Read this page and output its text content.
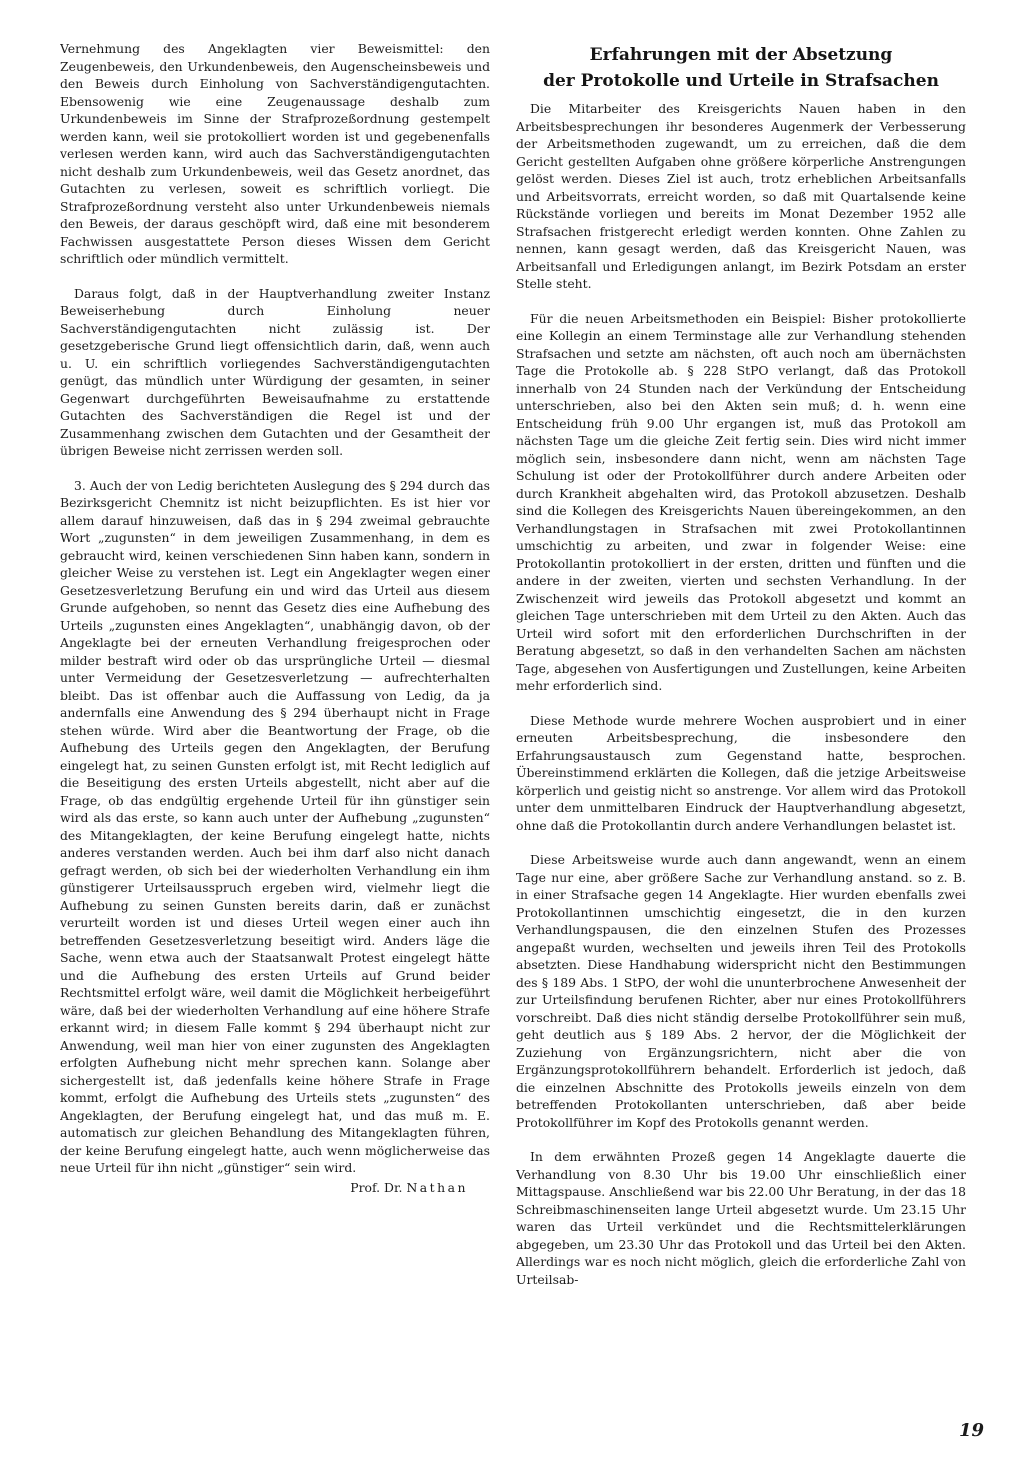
Vernehmung des Angeklagten vier Beweismittel: den Zeugenbeweis, den Urkundenbeweis, den Augenscheinsbeweis und den Beweis durch Einholung von Sachverständigengutachten. Ebensowenig wie eine Zeugenaussage deshalb zum Urkundenbeweis im Sinne der Strafprozeßordnung gestempelt werden kann, weil sie protokolliert worden ist und gegebenenfalls verlesen werden kann, wird auch das Sachverständigengutachten nicht deshalb zum Urkundenbeweis, weil das Gesetz anordnet, das Gutachten zu verlesen, soweit es schriftlich vorliegt. Die Strafprozeßordnung versteht also unter Urkundenbeweis niemals den Beweis, der daraus geschöpft wird, daß eine mit besonderem Fachwissen ausgestattete Person dieses Wissen dem Gericht schriftlich oder mündlich vermittelt.

Daraus folgt, daß in der Hauptverhandlung zweiter Instanz Beweiserhebung durch Einholung neuer Sachverständigengutachten nicht zulässig ist. Der gesetzgeberische Grund liegt offensichtlich darin, daß, wenn auch u. U. ein schriftlich vorliegendes Sachverständigengutachten genügt, das mündlich unter Würdigung der gesamten, in seiner Gegenwart durchgeführten Beweisaufnahme zu erstattende Gutachten des Sachverständigen die Regel ist und der Zusammenhang zwischen dem Gutachten und der Gesamtheit der übrigen Beweise nicht zerrissen werden soll.

3. Auch der von Ledig berichteten Auslegung des § 294 durch das Bezirksgericht Chemnitz ist nicht beizupflichten. Es ist hier vor allem darauf hinzuweisen, daß das in § 294 zweimal gebrauchte Wort „zugunsten“ in dem jeweiligen Zusammenhang, in dem es gebraucht wird, keinen verschiedenen Sinn haben kann, sondern in gleicher Weise zu verstehen ist. Legt ein Angeklagter wegen einer Gesetzesverletzung Berufung ein und wird das Urteil aus diesem Grunde aufgehoben, so nennt das Gesetz dies eine Aufhebung des Urteils „zugunsten eines Angeklagten“, unabhängig davon, ob der Angeklagte bei der erneuten Verhandlung freigesprochen oder milder bestraft wird oder ob das ursprüngliche Urteil — diesmal unter Vermeidung der Gesetzesverletzung — aufrechterhalten bleibt. Das ist offenbar auch die Auffassung von Ledig, da ja andernfalls eine Anwendung des § 294 überhaupt nicht in Frage stehen würde. Wird aber die Beantwortung der Frage, ob die Aufhebung des Urteils gegen den Angeklagten, der Berufung eingelegt hat, zu seinen Gunsten erfolgt ist, mit Recht lediglich auf die Beseitigung des ersten Urteils abgestellt, nicht aber auf die Frage, ob das endgültig ergehende Urteil für ihn günstiger sein wird als das erste, so kann auch unter der Aufhebung „zugunsten“ des Mitangeklagten, der keine Berufung eingelegt hatte, nichts anderes verstanden werden. Auch bei ihm darf also nicht danach gefragt werden, ob sich bei der wiederholten Verhandlung ein ihm günstigerer Urteilsausspruch ergeben wird, vielmehr liegt die Aufhebung zu seinen Gunsten bereits darin, daß er zunächst verurteilt worden ist und dieses Urteil wegen einer auch ihn betreffenden Gesetzesverletzung beseitigt wird. Anders läge die Sache, wenn etwa auch der Staatsanwalt Protest eingelegt hätte und die Aufhebung des ersten Urteils auf Grund beider Rechtsmittel erfolgt wäre, weil damit die Möglichkeit herbeigeführt wäre, daß bei der wiederholten Verhandlung auf eine höhere Strafe erkannt wird; in diesem Falle kommt § 294 überhaupt nicht zur Anwendung, weil man hier von einer zugunsten des Angeklagten erfolgten Aufhebung nicht mehr sprechen kann. Solange aber sichergestellt ist, daß jedenfalls keine höhere Strafe in Frage kommt, erfolgt die Aufhebung des Urteils stets „zugunsten“ des Angeklagten, der Berufung eingelegt hat, und das muß m. E. automatisch zur gleichen Behandlung des Mitangeklagten führen, der keine Berufung eingelegt hatte, auch wenn möglicherweise das neue Urteil für ihn nicht „günstiger“ sein wird.

Prof. Dr. Nathan
Erfahrungen mit der Absetzung
der Protokolle und Urteile in Strafsachen

Die Mitarbeiter des Kreisgerichts Nauen haben in den Arbeitsbesprechungen ihr besonderes Augenmerk der Verbesserung der Arbeitsmethoden zugewandt, um zu erreichen, daß die dem Gericht gestellten Aufgaben ohne größere körperliche Anstrengungen gelöst werden. Dieses Ziel ist auch, trotz erheblichen Arbeitsanfalls und Arbeitsvorrats, erreicht worden, so daß mit Quartalsende keine Rückstände vorliegen und bereits im Monat Dezember 1952 alle Strafsachen fristgerecht erledigt werden konnten. Ohne Zahlen zu nennen, kann gesagt werden, daß das Kreisgericht Nauen, was Arbeitsanfall und Erledigungen anlangt, im Bezirk Potsdam an erster Stelle steht.

Für die neuen Arbeitsmethoden ein Beispiel: Bisher protokollierte eine Kollegin an einem Terminstage alle zur Verhandlung stehenden Strafsachen und setzte am nächsten, oft auch noch am übernächsten Tage die Protokolle ab. § 228 StPO verlangt, daß das Protokoll innerhalb von 24 Stunden nach der Verkündung der Entscheidung unterschrieben, also bei den Akten sein muß; d. h. wenn eine Entscheidung früh 9.00 Uhr ergangen ist, muß das Protokoll am nächsten Tage um die gleiche Zeit fertig sein. Dies wird nicht immer möglich sein, insbesondere dann nicht, wenn am nächsten Tage Schulung ist oder der Protokollführer durch andere Arbeiten oder durch Krankheit abgehalten wird, das Protokoll abzusetzen. Deshalb sind die Kollegen des Kreisgerichts Nauen übereingekommen, an den Verhandlungstagen in Strafsachen mit zwei Protokollantinnen umschichtig zu arbeiten, und zwar in folgender Weise: eine Protokollantin protokolliert in der ersten, dritten und fünften und die andere in der zweiten, vierten und sechsten Verhandlung. In der Zwischenzeit wird jeweils das Protokoll abgesetzt und kommt an gleichen Tage unterschrieben mit dem Urteil zu den Akten. Auch das Urteil wird sofort mit den erforderlichen Durchschriften in der Beratung abgesetzt, so daß in den verhandelten Sachen am nächsten Tage, abgesehen von Ausfertigungen und Zustellungen, keine Arbeiten mehr erforderlich sind.

Diese Methode wurde mehrere Wochen ausprobiert und in einer erneuten Arbeitsbesprechung, die insbesondere den Erfahrungsaustausch zum Gegenstand hatte, besprochen. Übereinstimmend erklärten die Kollegen, daß die jetzige Arbeitsweise körperlich und geistig nicht so anstrenge. Vor allem wird das Protokoll unter dem unmittelbaren Eindruck der Hauptverhandlung abgesetzt, ohne daß die Protokollantin durch andere Verhandlungen belastet ist.

Diese Arbeitsweise wurde auch dann angewandt, wenn an einem Tage nur eine, aber größere Sache zur Verhandlung anstand. so z. B. in einer Strafsache gegen 14 Angeklagte. Hier wurden ebenfalls zwei Protokollantinnen umschichtig eingesetzt, die in den kurzen Verhandlungspausen, die den einzelnen Stufen des Prozesses angepaßt wurden, wechselten und jeweils ihren Teil des Protokolls absetzten. Diese Handhabung widerspricht nicht den Bestimmungen des § 189 Abs. 1 StPO, der wohl die ununterbrochene Anwesenheit der zur Urteilsfindung berufenen Richter, aber nur eines Protokollführers vorschreibt. Daß dies nicht ständig derselbe Protokollführer sein muß, geht deutlich aus § 189 Abs. 2 hervor, der die Möglichkeit der Zuziehung von Ergänzungsrichtern, nicht aber die von Ergänzungsprotokollführern behandelt. Erforderlich ist jedoch, daß die einzelnen Abschnitte des Protokolls jeweils einzeln von dem betreffenden Protokollanten unterschrieben, daß aber beide Protokollführer im Kopf des Protokolls genannt werden.

In dem erwähnten Prozeß gegen 14 Angeklagte dauerte die Verhandlung von 8.30 Uhr bis 19.00 Uhr einschließlich einer Mittagspause. Anschließend war bis 22.00 Uhr Beratung, in der das 18 Schreibmaschinenseiten lange Urteil abgesetzt wurde. Um 23.15 Uhr waren das Urteil verkündet und die Rechtsmittelerklärungen abgegeben, um 23.30 Uhr das Protokoll und das Urteil bei den Akten. Allerdings war es noch nicht möglich, gleich die erforderliche Zahl von Urteilsab-

19
